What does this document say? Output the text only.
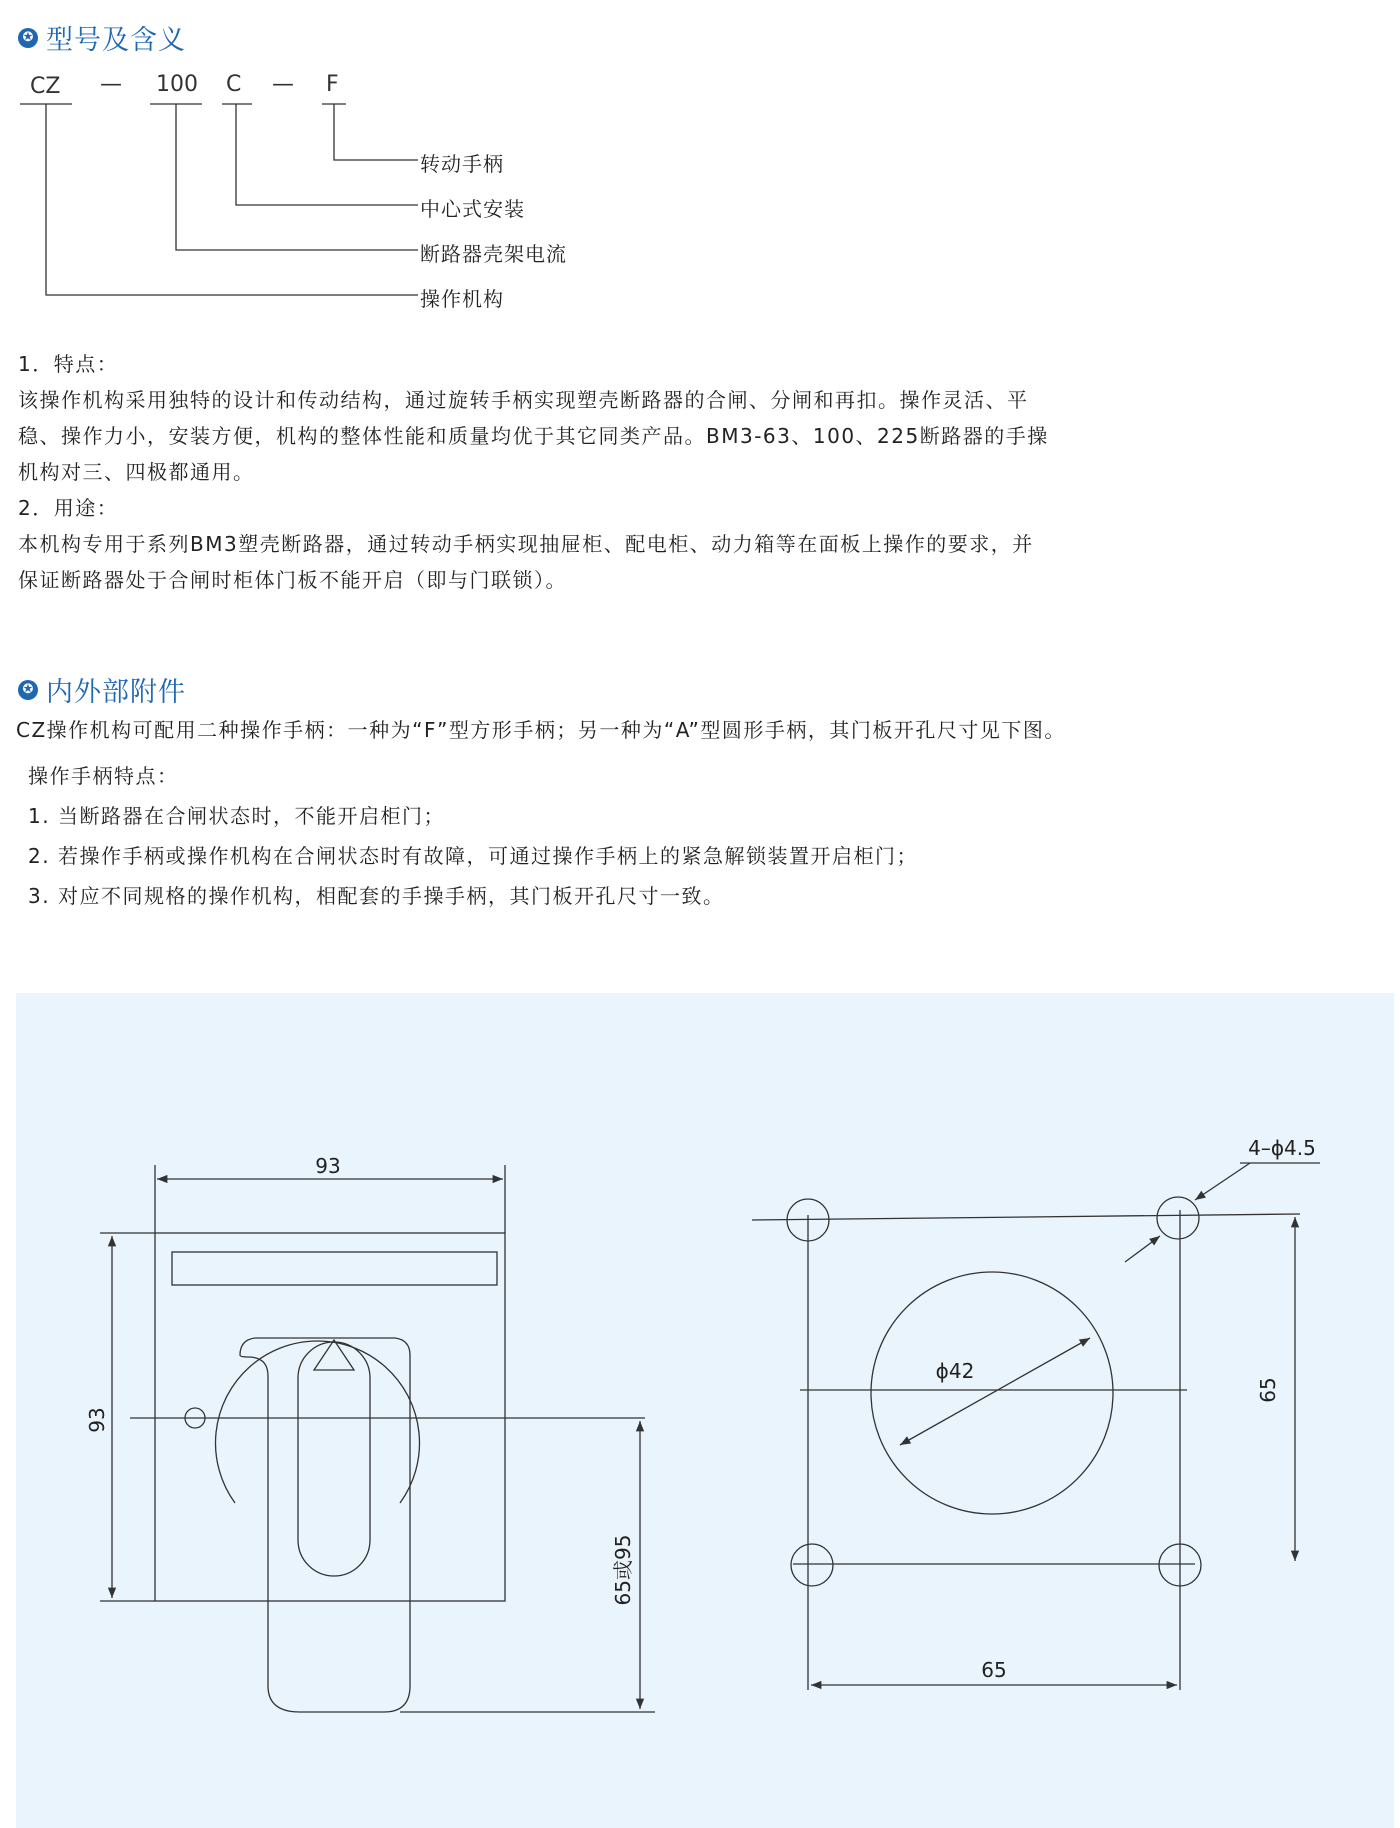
✪ 型号及含义
CZ — 100 C — F
转动手柄
中心式安装
断路器壳架电流
操作机构
1．特点：
该操作机构采用独特的设计和传动结构，通过旋转手柄实现塑壳断路器的合闸、分闸和再扣。操作灵活、平
稳、操作力小，安装方便，机构的整体性能和质量均优于其它同类产品。BM3-63、100、225断路器的手操
机构对三、四极都通用。
2．用途：
本机构专用于系列BM3塑壳断路器，通过转动手柄实现抽屉柜、配电柜、动力箱等在面板上操作的要求，并
保证断路器处于合闸时柜体门板不能开启（即与门联锁）。
✪ 内外部附件
CZ操作机构可配用二种操作手柄：一种为“F”型方形手柄；另一种为“A”型圆形手柄，其门板开孔尺寸见下图。
操作手柄特点：
1. 当断路器在合闸状态时，不能开启柜门；
2. 若操作手柄或操作机构在合闸状态时有故障，可通过操作手柄上的紧急解锁装置开启柜门；
3. 对应不同规格的操作机构，相配套的手操手柄，其门板开孔尺寸一致。
93
93
65或95
4–ϕ4.5
ϕ42
65
65
